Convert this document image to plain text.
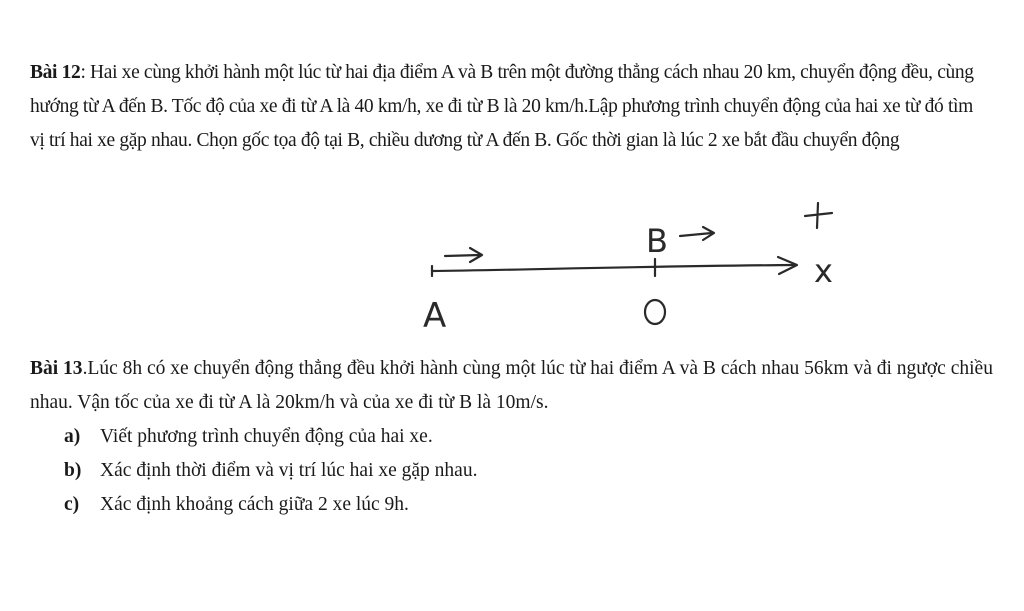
Bài 12: Hai xe cùng khởi hành một lúc từ hai địa điểm A và B trên một đường thẳng cách nhau 20 km, chuyển động đều, cùng hướng từ A đến B. Tốc độ của xe đi từ A là 40 km/h, xe đi từ B là 20 km/h.Lập phương trình chuyển động của hai xe từ đó tìm vị trí hai xe gặp nhau. Chọn gốc tọa độ tại B, chiều dương từ A đến B. Gốc thời gian là lúc 2 xe bắt đầu chuyển động
A
B
x
Bài 13.Lúc 8h có xe chuyển động thẳng đều khởi hành cùng một lúc từ hai điểm A và B cách nhau 56km và đi ngược chiều nhau. Vận tốc của xe đi từ A là 20km/h và của xe đi từ B là 10m/s.
a) Viết phương trình chuyển động của hai xe.
b) Xác định thời điểm và vị trí lúc hai xe gặp nhau.
c) Xác định khoảng cách giữa 2 xe lúc 9h.
